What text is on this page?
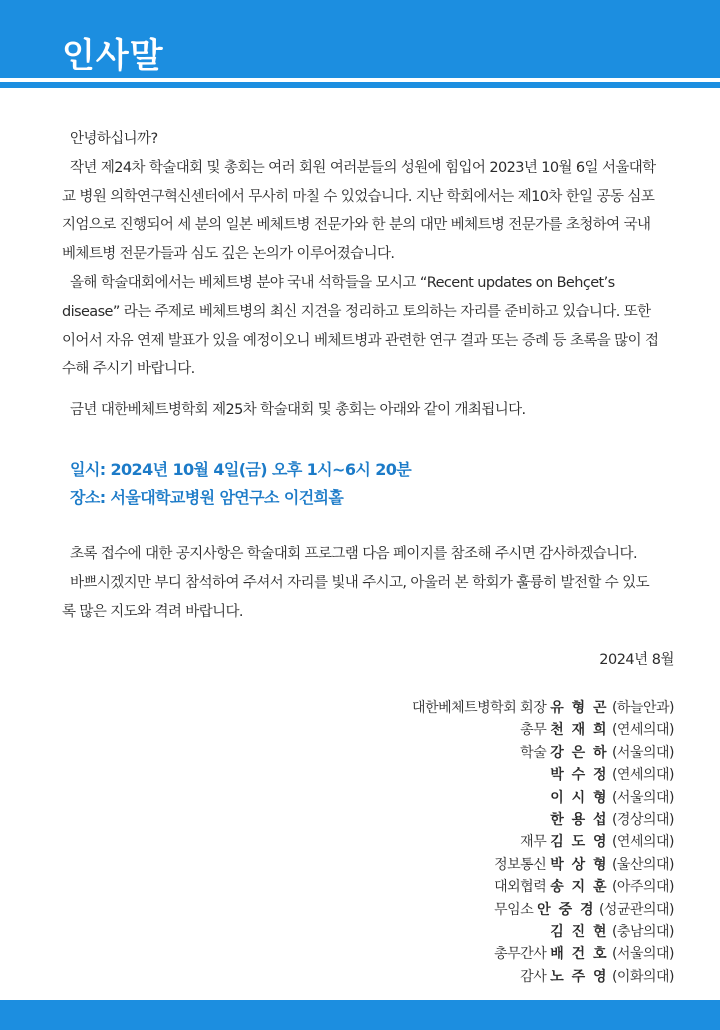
인사말

안녕하십니까?

작년 제24차 학술대회 및 총회는 여러 회원 여러분들의 성원에 힘입어 2023년 10월 6일 서울대학교 병원 의학연구혁신센터에서 무사히 마칠 수 있었습니다. 지난 학회에서는 제10차 한일 공동 심포지엄으로 진행되어 세 분의 일본 베체트병 전문가와 한 분의 대만 베체트병 전문가를 초청하여 국내 베체트병 전문가들과 심도 깊은 논의가 이루어졌습니다.

올해 학술대회에서는 베체트병 분야 국내 석학들을 모시고 “Recent updates on Behçet’s disease” 라는 주제로 베체트병의 최신 지견을 정리하고 토의하는 자리를 준비하고 있습니다. 또한 이어서 자유 연제 발표가 있을 예정이오니 베체트병과 관련한 연구 결과 또는 증례 등 초록을 많이 접수해 주시기 바랍니다.

금년 대한베체트병학회 제25차 학술대회 및 총회는 아래와 같이 개최됩니다.

일시: 2024년 10월 4일(금) 오후 1시~6시 20분

장소: 서울대학교병원 암연구소 이건희홀

초록 접수에 대한 공지사항은 학술대회 프로그램 다음 페이지를 참조해 주시면 감사하겠습니다.

바쁘시겠지만 부디 참석하여 주셔서 자리를 빛내 주시고, 아울러 본 학회가 훌륭히 발전할 수 있도록 많은 지도와 격려 바랍니다.

2024년 8월
대한베체트병학회 회장 유 형 곤 (하늘안과)
총무 천 재 희 (연세의대)
학술 강 은 하 (서울의대)
박 수 정 (연세의대)
이 시 형 (서울의대)
한 용 섭 (경상의대)
재무 김 도 영 (연세의대)
정보통신 박 상 형 (울산의대)
대외협력 송 지 훈 (아주의대)
무임소 안 중 경 (성균관의대)
김 진 현 (충남의대)
총무간사 배 건 호 (서울의대)
감사 노 주 영 (이화의대)
